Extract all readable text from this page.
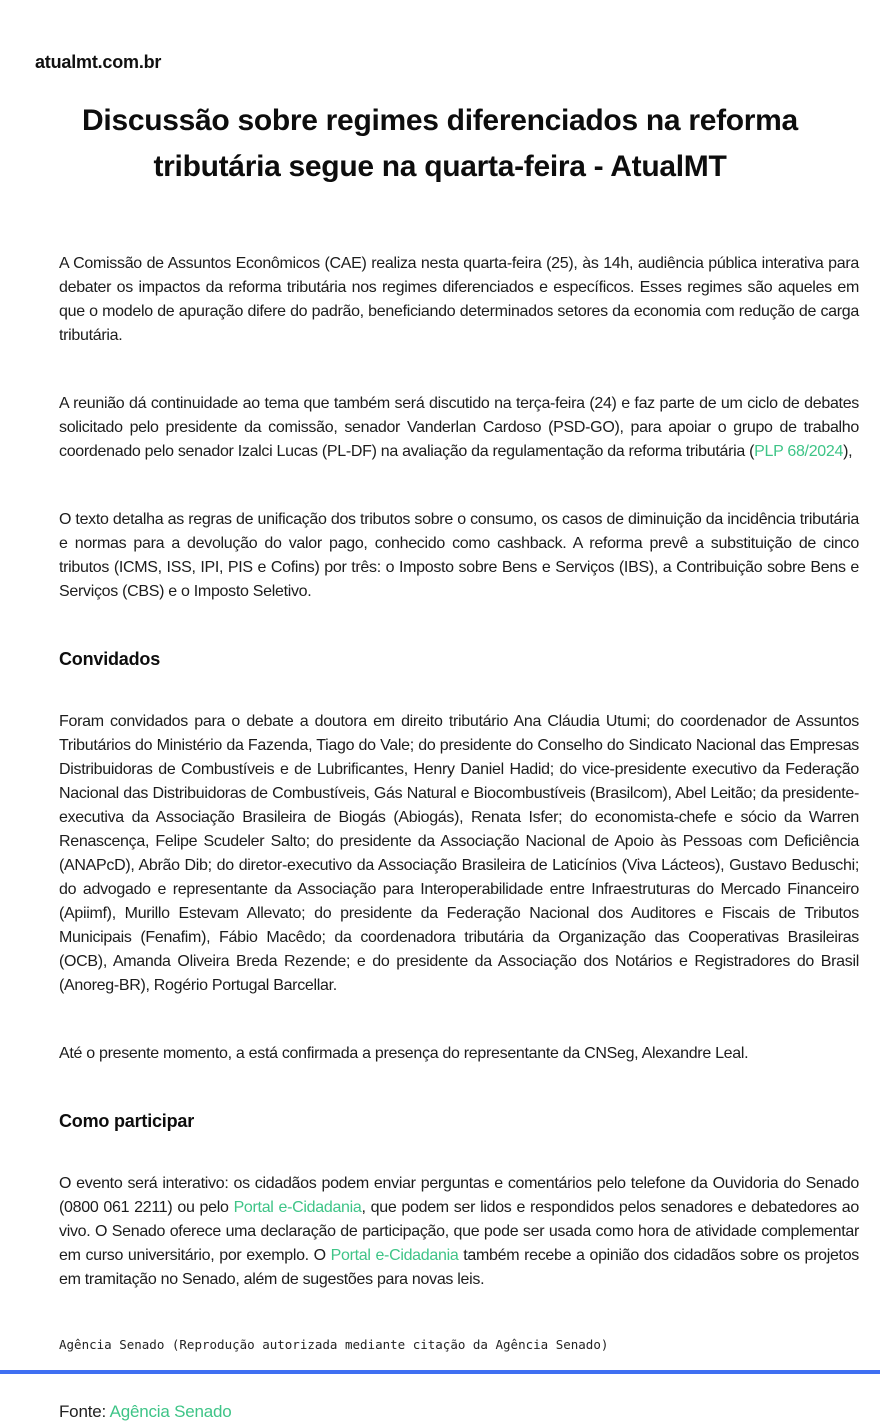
atualmt.com.br
Discussão sobre regimes diferenciados na reforma tributária segue na quarta-feira - AtualMT

A Comissão de Assuntos Econômicos (CAE) realiza nesta quarta-feira (25), às 14h, audiência pública interativa para debater os impactos da reforma tributária nos regimes diferenciados e específicos. Esses regimes são aqueles em que o modelo de apuração difere do padrão, beneficiando determinados setores da economia com redução de carga tributária.

A reunião dá continuidade ao tema que também será discutido na terça-feira (24) e faz parte de um ciclo de debates solicitado pelo presidente da comissão, senador Vanderlan Cardoso (PSD-GO), para apoiar o grupo de trabalho coordenado pelo senador Izalci Lucas (PL-DF) na avaliação da regulamentação da reforma tributária (PLP 68/2024),

O texto detalha as regras de unificação dos tributos sobre o consumo, os casos de diminuição da incidência tributária e normas para a devolução do valor pago, conhecido como cashback. A reforma prevê a substituição de cinco tributos (ICMS, ISS, IPI, PIS e Cofins) por três: o Imposto sobre Bens e Serviços (IBS), a Contribuição sobre Bens e Serviços (CBS) e o Imposto Seletivo.

Convidados

Foram convidados para o debate a doutora em direito tributário Ana Cláudia Utumi; do coordenador de Assuntos Tributários do Ministério da Fazenda, Tiago do Vale; do presidente do Conselho do Sindicato Nacional das Empresas Distribuidoras de Combustíveis e de Lubrificantes, Henry Daniel Hadid; do vice-presidente executivo da Federação Nacional das Distribuidoras de Combustíveis, Gás Natural e Biocombustíveis (Brasilcom), Abel Leitão; da presidente-executiva da Associação Brasileira de Biogás (Abiogás), Renata Isfer; do economista-chefe e sócio da Warren Renascença, Felipe Scudeler Salto; do presidente da Associação Nacional de Apoio às Pessoas com Deficiência (ANAPcD), Abrão Dib; do diretor-executivo da Associação Brasileira de Laticínios (Viva Lácteos), Gustavo Beduschi; do advogado e representante da Associação para Interoperabilidade entre Infraestruturas do Mercado Financeiro (Apiimf), Murillo Estevam Allevato; do presidente da Federação Nacional dos Auditores e Fiscais de Tributos Municipais (Fenafim), Fábio Macêdo; da coordenadora tributária da Organização das Cooperativas Brasileiras (OCB), Amanda Oliveira Breda Rezende; e do presidente da Associação dos Notários e Registradores do Brasil (Anoreg-BR), Rogério Portugal Barcellar.

Até o presente momento, a está confirmada a presença do representante da CNSeg, Alexandre Leal.

Como participar

O evento será interativo: os cidadãos podem enviar perguntas e comentários pelo telefone da Ouvidoria do Senado (0800 061 2211) ou pelo Portal e-Cidadania, que podem ser lidos e respondidos pelos senadores e debatedores ao vivo. O Senado oferece uma declaração de participação, que pode ser usada como hora de atividade complementar em curso universitário, por exemplo. O Portal e-Cidadania também recebe a opinião dos cidadãos sobre os projetos em tramitação no Senado, além de sugestões para novas leis.

Agência Senado (Reprodução autorizada mediante citação da Agência Senado)

Fonte: Agência Senado
